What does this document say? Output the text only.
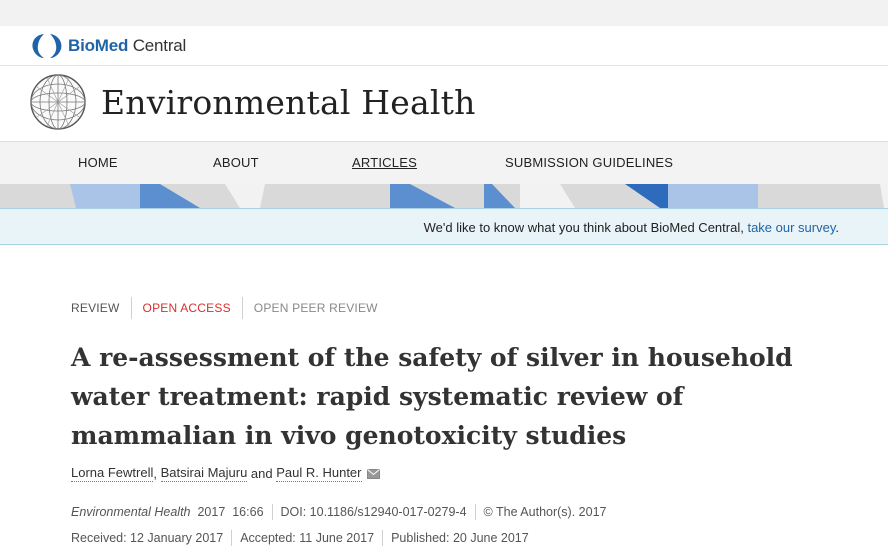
BioMed Central
Environmental Health
HOME	ABOUT	ARTICLES	SUBMISSION GUIDELINES
We'd like to know what you think about BioMed Central, take our survey.
REVIEW	OPEN ACCESS	OPEN PEER REVIEW
A re-assessment of the safety of silver in household water treatment: rapid systematic review of mammalian in vivo genotoxicity studies
Lorna Fewtrell , Batsirai Majuru and Paul R. Hunter
Environmental Health
2017
16:66 DOI: 10.1186/s12940-017-0279-4 © The Author(s). 2017
Received: 12 January 2017 Accepted: 11 June 2017 Published: 20 June 2017
